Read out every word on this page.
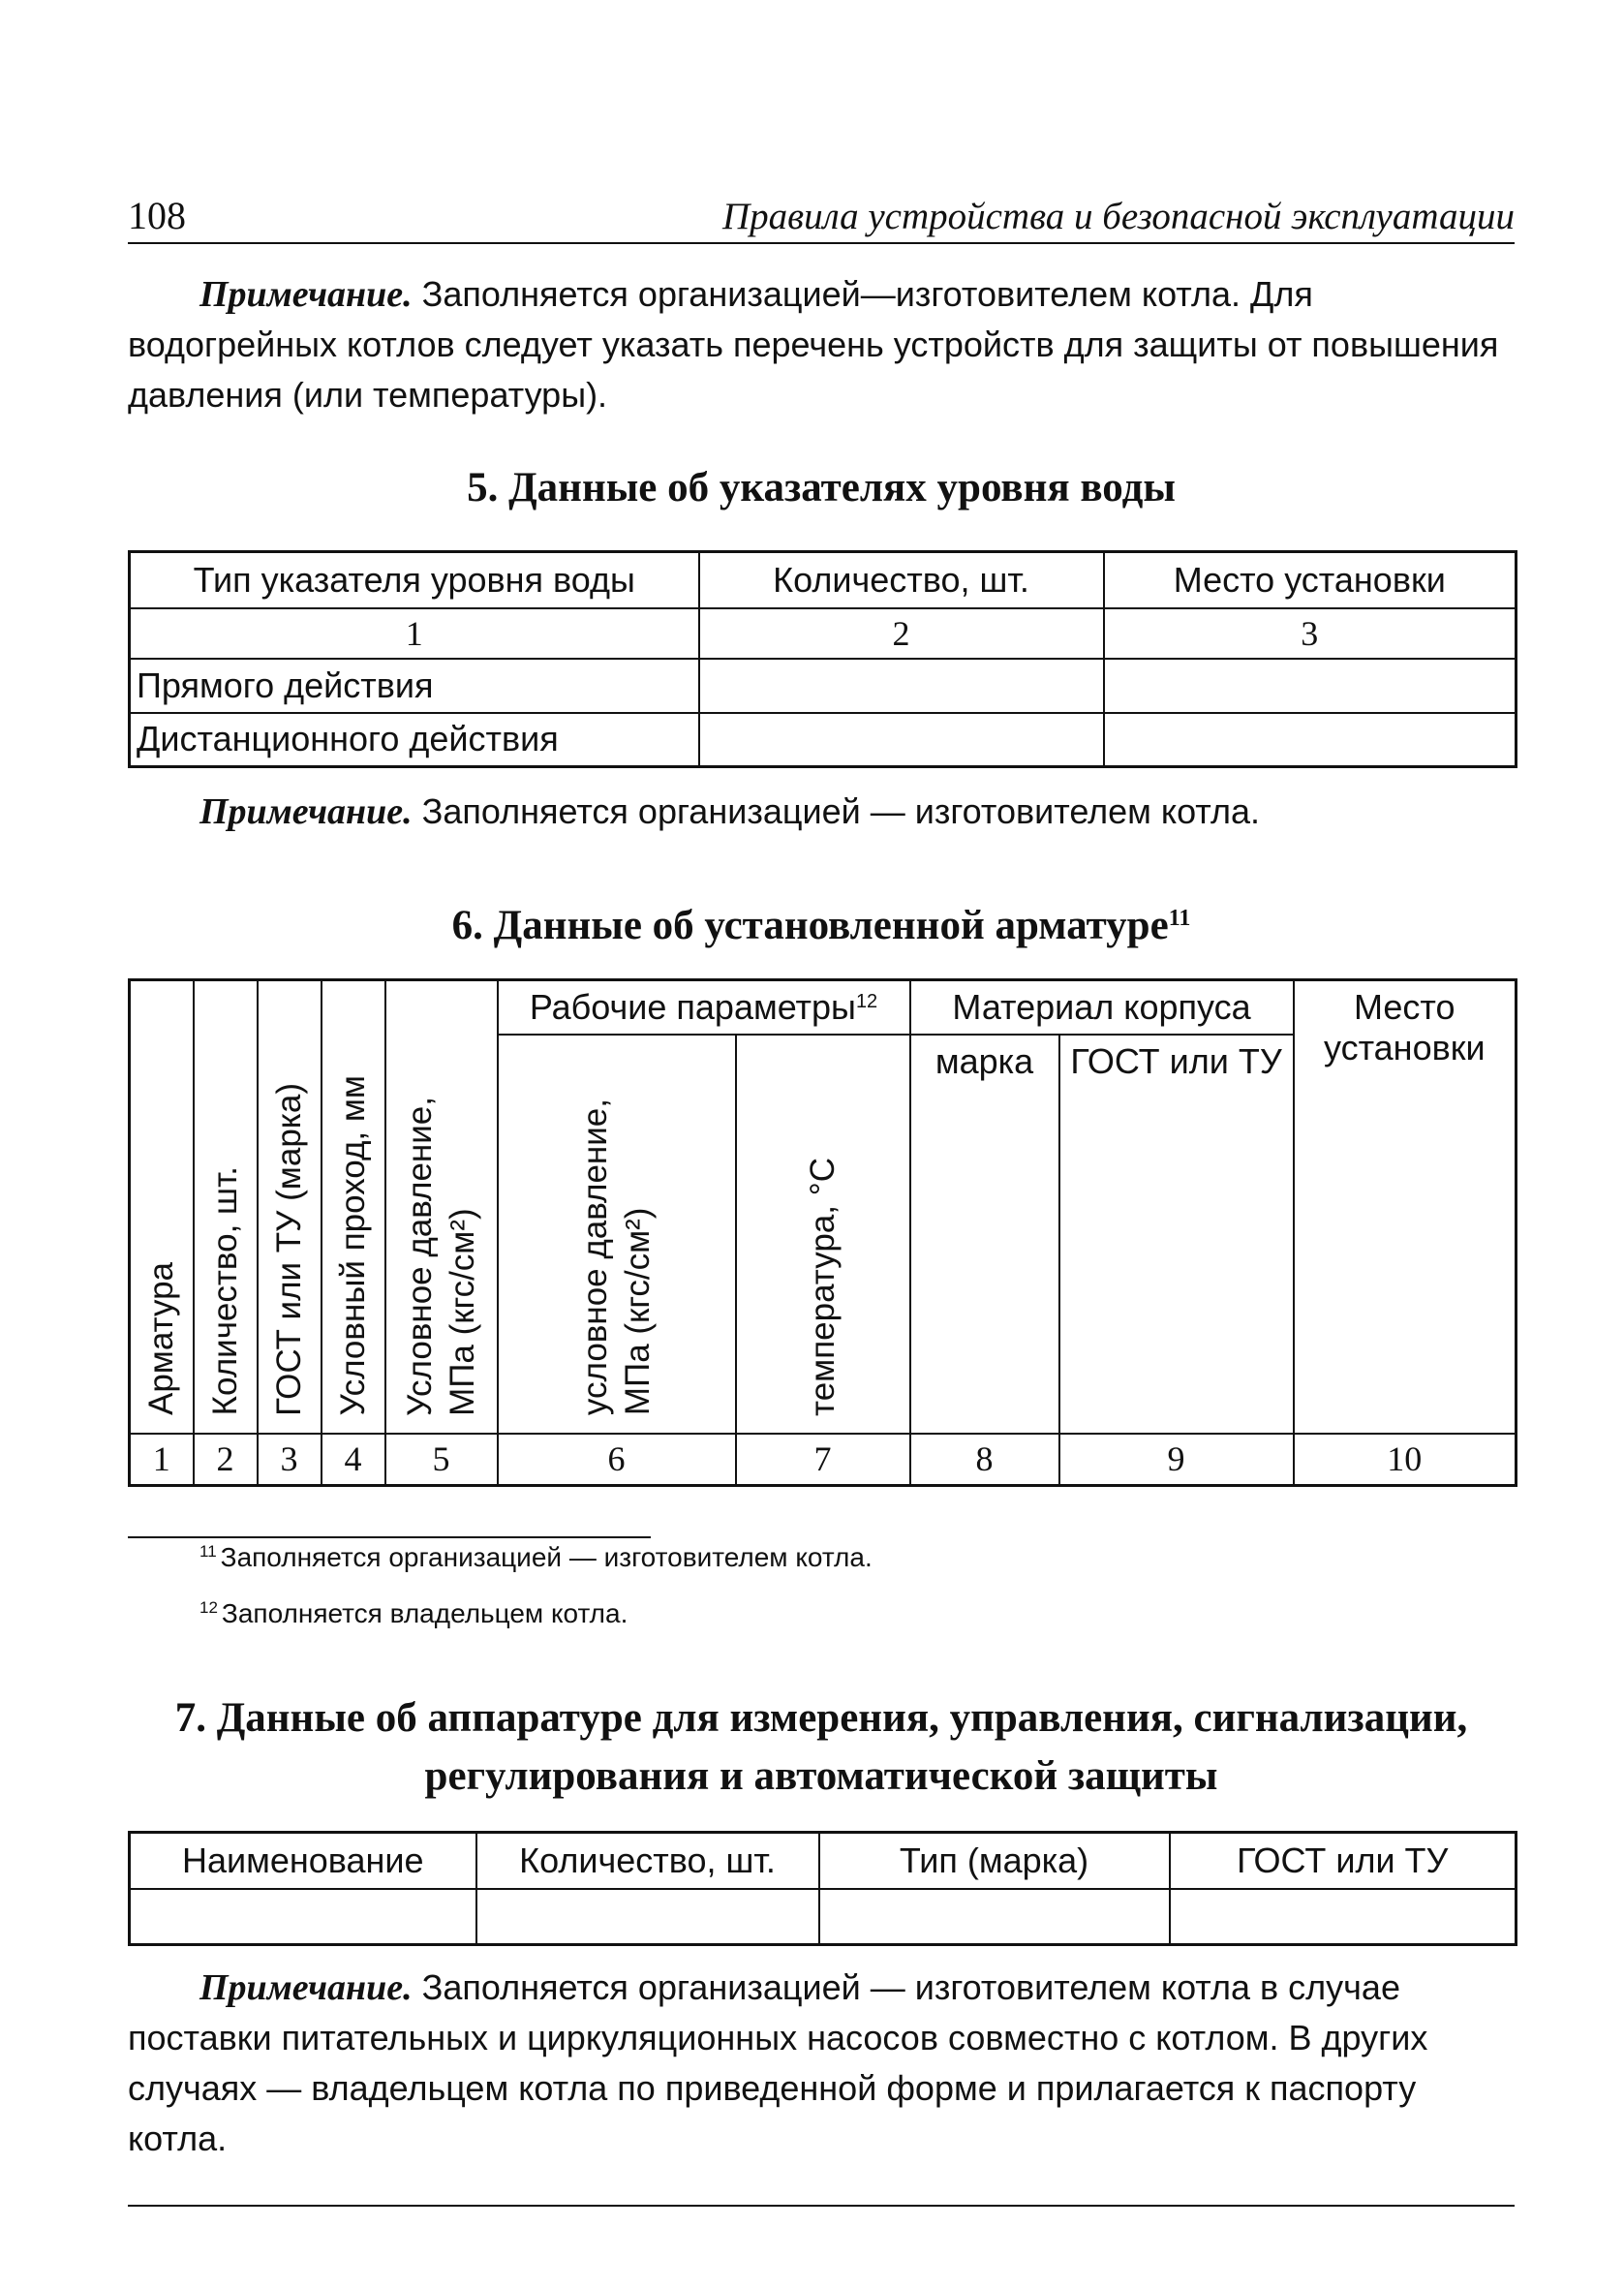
108	Правила устройства и безопасной эксплуатации
Примечание. Заполняется организацией—изготовителем котла. Для водогрейных котлов следует указать перечень устройств для защиты от повышения давления (или температуры).
5. Данные об указателях уровня воды
Тип указателя уровня воды	Количество, шт.	Место установки
1	2	3
Прямого действия		
Дистанционного действия		
Примечание. Заполняется организацией — изготовителем котла.
6. Данные об установленной арматуре$^{11}$
Арматура	Количество, шт.	ГОСТ или ТУ (марка)	Условный проход, мм	Условное давление, МПа (кгс/см²)	Рабочие параметры$^{12}$		Материал корпуса		Место установки
					условное давление, МПа (кгс/см²)	температура, °С	марка	ГОСТ или ТУ	
1	2	3	4	5	6	7	8	9	10
$^{11}$ Заполняется организацией — изготовителем котла.
$^{12}$ Заполняется владельцем котла.
7. Данные об аппаратуре для измерения, управления, сигнализации,
регулирования и автоматической защиты
Наименование	Количество, шт.	Тип (марка)	ГОСТ или ТУ

Примечание. Заполняется организацией — изготовителем котла в случае поставки питательных и циркуляционных насосов совместно с котлом. В других случаях — владельцем котла по приведенной форме и прилагается к паспорту котла.
